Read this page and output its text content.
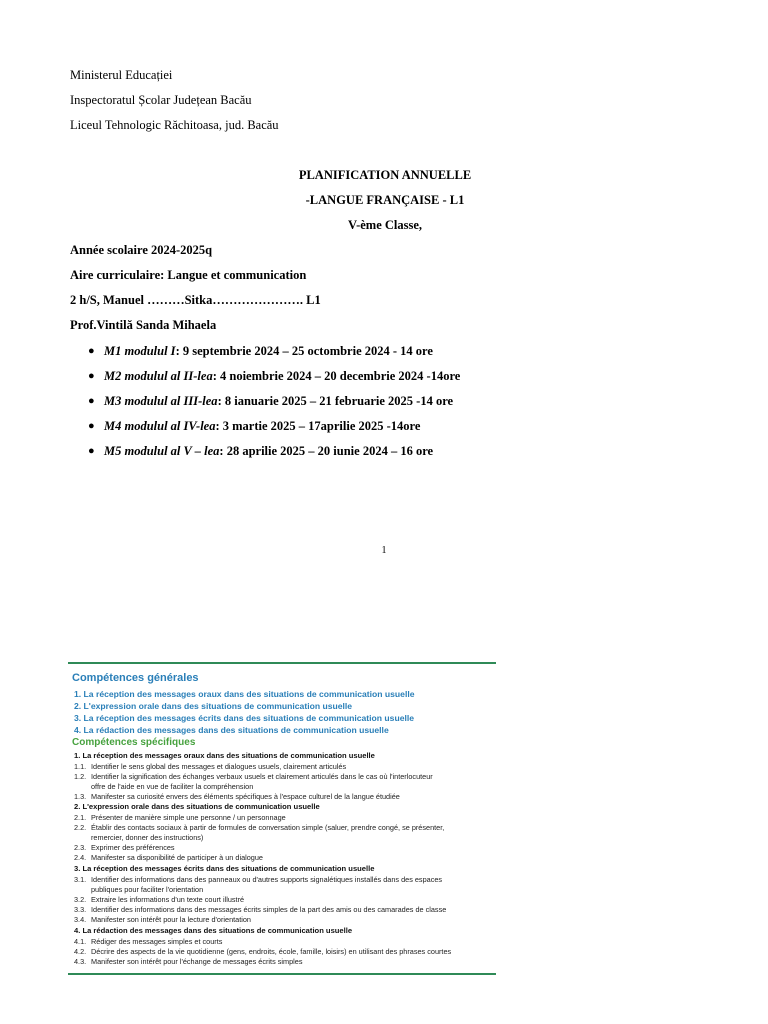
Ministerul Educației
Inspectoratul Școlar Județean Bacău
Liceul Tehnologic Răchitoasa, jud. Bacău
PLANIFICATION ANNUELLE
-LANGUE FRANÇAISE - L1
V-ème Classe,
Année scolaire 2024-2025q
Aire curriculaire: Langue et communication
2 h/S, Manuel ………Sitka…………………. L1
Prof.Vintilă Sanda Mihaela
● M1 modulul I: 9 septembrie 2024 – 25 octombrie 2024 - 14 ore
● M2 modulul al II-lea: 4 noiembrie 2024 – 20 decembrie 2024 -14ore
● M3 modulul al III-lea: 8 ianuarie 2025 – 21 februarie 2025 -14 ore
● M4 modulul al IV-lea: 3 martie 2025 – 17aprilie 2025 -14ore
● M5 modulul al V – lea: 28 aprilie 2025 – 20 iunie 2024 – 16 ore
1
Compétences générales
1. La réception des messages oraux dans des situations de communication usuelle
2. L'expression orale dans des situations de communication usuelle
3. La réception des messages écrits dans des situations de communication usuelle
4. La rédaction des messages dans des situations de communication usuelle
Compétences spécifiques
1. La réception des messages oraux dans des situations de communication usuelle
1.1. Identifier le sens global des messages et dialogues usuels, clairement articulés
1.2. Identifier la signification des échanges verbaux usuels et clairement articulés dans le cas où l'interlocuteur
offre de l'aide en vue de faciliter la compréhension
1.3. Manifester sa curiosité envers des éléments spécifiques à l'espace culturel de la langue étudiée
2. L'expression orale dans des situations de communication usuelle
2.1. Présenter de manière simple une personne / un personnage
2.2. Établir des contacts sociaux à partir de formules de conversation simple (saluer, prendre congé, se présenter,
remercier, donner des instructions)
2.3. Exprimer des préférences
2.4. Manifester sa disponibilité de participer à un dialogue
3. La réception des messages écrits dans des situations de communication usuelle
3.1. Identifier des informations dans des panneaux ou d'autres supports signalétiques installés dans des espaces
publiques pour faciliter l'orientation
3.2. Extraire les informations d'un texte court illustré
3.3. Identifier des informations dans des messages écrits simples de la part des amis ou des camarades de classe
3.4. Manifester son intérêt pour la lecture d'orientation
4. La rédaction des messages dans des situations de communication usuelle
4.1. Rédiger des messages simples et courts
4.2. Décrire des aspects de la vie quotidienne (gens, endroits, école, famille, loisirs) en utilisant des phrases courtes
4.3. Manifester son intérêt pour l'échange de messages écrits simples
